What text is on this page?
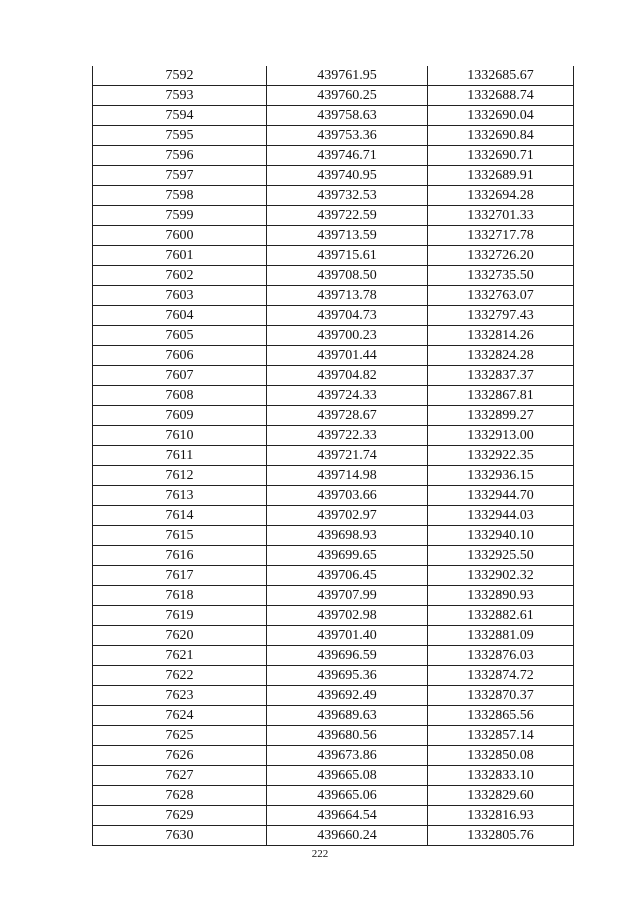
7592	439761.95	1332685.67
7593	439760.25	1332688.74
7594	439758.63	1332690.04
7595	439753.36	1332690.84
7596	439746.71	1332690.71
7597	439740.95	1332689.91
7598	439732.53	1332694.28
7599	439722.59	1332701.33
7600	439713.59	1332717.78
7601	439715.61	1332726.20
7602	439708.50	1332735.50
7603	439713.78	1332763.07
7604	439704.73	1332797.43
7605	439700.23	1332814.26
7606	439701.44	1332824.28
7607	439704.82	1332837.37
7608	439724.33	1332867.81
7609	439728.67	1332899.27
7610	439722.33	1332913.00
7611	439721.74	1332922.35
7612	439714.98	1332936.15
7613	439703.66	1332944.70
7614	439702.97	1332944.03
7615	439698.93	1332940.10
7616	439699.65	1332925.50
7617	439706.45	1332902.32
7618	439707.99	1332890.93
7619	439702.98	1332882.61
7620	439701.40	1332881.09
7621	439696.59	1332876.03
7622	439695.36	1332874.72
7623	439692.49	1332870.37
7624	439689.63	1332865.56
7625	439680.56	1332857.14
7626	439673.86	1332850.08
7627	439665.08	1332833.10
7628	439665.06	1332829.60
7629	439664.54	1332816.93
7630	439660.24	1332805.76
222
